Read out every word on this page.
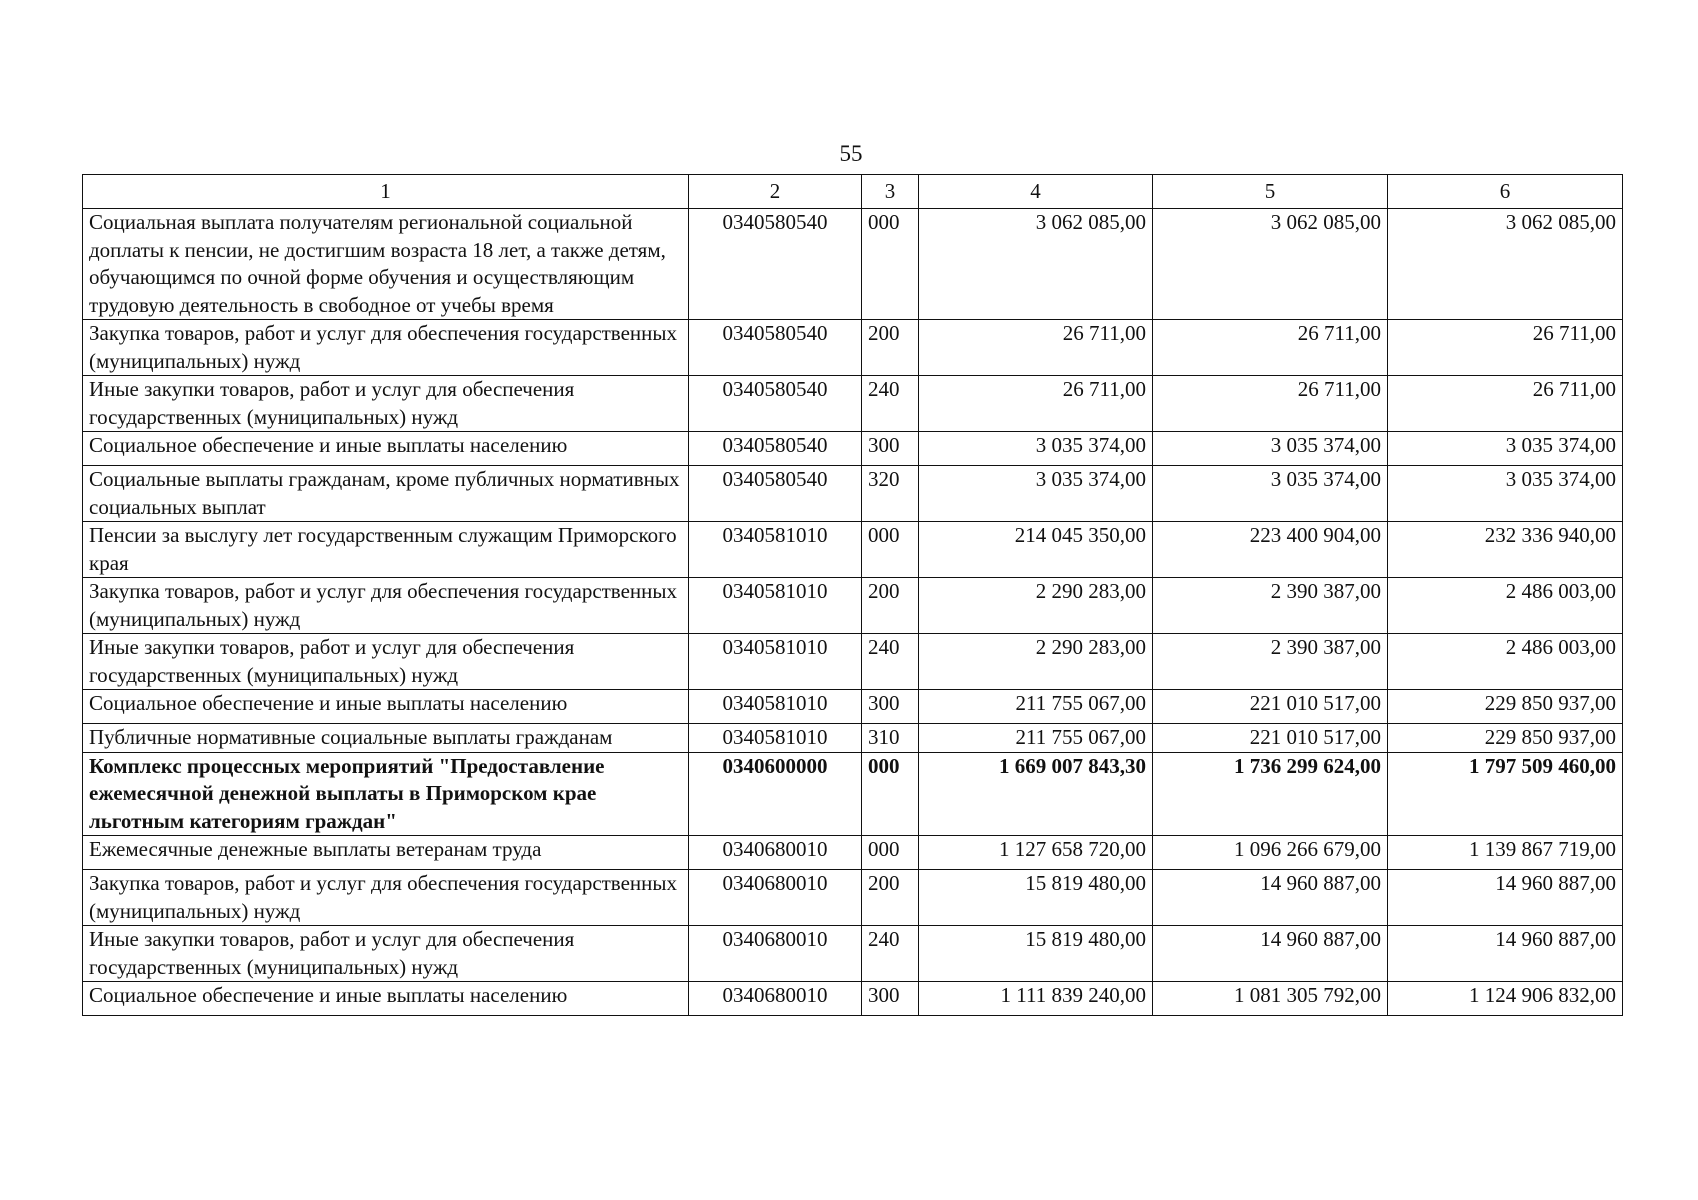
55
1	2	3	4	5	6
Социальная выплата получателям региональной социальной доплаты к пенсии, не достигшим возраста 18 лет, а также детям, обучающимся по очной форме обучения и осуществляющим трудовую деятельность в свободное от учебы время	0340580540	000	3 062 085,00	3 062 085,00	3 062 085,00
Закупка товаров, работ и услуг для обеспечения государственных (муниципальных) нужд	0340580540	200	26 711,00	26 711,00	26 711,00
Иные закупки товаров, работ и услуг для обеспечения государственных (муниципальных) нужд	0340580540	240	26 711,00	26 711,00	26 711,00
Социальное обеспечение и иные выплаты населению	0340580540	300	3 035 374,00	3 035 374,00	3 035 374,00
Социальные выплаты гражданам, кроме публичных нормативных социальных выплат	0340580540	320	3 035 374,00	3 035 374,00	3 035 374,00
Пенсии за выслугу лет государственным служащим Приморского края	0340581010	000	214 045 350,00	223 400 904,00	232 336 940,00
Закупка товаров, работ и услуг для обеспечения государственных (муниципальных) нужд	0340581010	200	2 290 283,00	2 390 387,00	2 486 003,00
Иные закупки товаров, работ и услуг для обеспечения государственных (муниципальных) нужд	0340581010	240	2 290 283,00	2 390 387,00	2 486 003,00
Социальное обеспечение и иные выплаты населению	0340581010	300	211 755 067,00	221 010 517,00	229 850 937,00
Публичные нормативные социальные выплаты гражданам	0340581010	310	211 755 067,00	221 010 517,00	229 850 937,00
Комплекс процессных мероприятий "Предоставление ежемесячной денежной выплаты в Приморском крае льготным категориям граждан"	0340600000	000	1 669 007 843,30	1 736 299 624,00	1 797 509 460,00
Ежемесячные денежные выплаты ветеранам труда	0340680010	000	1 127 658 720,00	1 096 266 679,00	1 139 867 719,00
Закупка товаров, работ и услуг для обеспечения государственных (муниципальных) нужд	0340680010	200	15 819 480,00	14 960 887,00	14 960 887,00
Иные закупки товаров, работ и услуг для обеспечения государственных (муниципальных) нужд	0340680010	240	15 819 480,00	14 960 887,00	14 960 887,00
Социальное обеспечение и иные выплаты населению	0340680010	300	1 111 839 240,00	1 081 305 792,00	1 124 906 832,00
